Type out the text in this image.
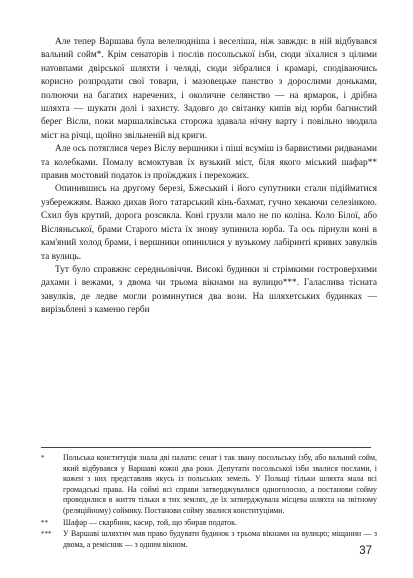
Але тепер Варшава була велелюдніша і веселіша, ніж завжди: в ній відбувався вальний сойм*. Крім сенаторів і послів посольської ізби, сюди зїхалися з цілими натовпами двірської шляхти і челяді, сюди зібралися і крамарі, сподіваючись корисно розпродати свої товари, і мазовецьке панство з дорослими доньками, полюючи на багатих наречених, і околичне селянство — на ярмарок, і дрібна шляхта — шукати долі і захисту. Задовго до світанку кипів від юрби багнистий берег Вісли, поки маршалківська сторожа здавала нічну варту і повільно зводила міст на річці, щойно звільненій від криги.

Але ось потяглися через Віслу вершники і піші всуміш із барвистими ридванами та колебками. Помалу всмоктував їх вузький міст, біля якого міський шафар** правив мостовий податок із проїжджих і перехожих.

Опинившись на другому березі, Бжеський і його супутники стали підійматися узбережжям. Важко дихав його татарський кінь-бахмат, гучно хекаючи селезінкою. Схил був крутий, дорога розсякла. Коні грузли мало не по коліна. Коло Білої, або Вісляньської, брами Старого міста їх знову зупинила юрба. Та ось пірнули коні в кам'яний холод брами, і вершники опинилися у вузькому лабіринті кривих завулків та вулиць.

Тут було справжнє середньовіччя. Високі будинки зі стрімкими гостроверхими дахами і вежами, з двома чи трьома вікнами на вулицю***. Галаслива тісната завулків, де ледве могли розминутися два вози. На шляхетських будинках — вирізьблені з каменю герби

* Польська конституція знала дві палати: сенат і так звану посольську ізбу, або вальний сойм, який відбувався у Варшаві кожні два роки. Депутати посольської ізби звалися послами, і кожен з них представляв якусь із польських земель. У Польщі тільки шляхта мала всі громадські права. На соймі всі справи затверджувалися одноголосно, а постанови сойму проводилися в життя тільки в тих землях, де їх затверджувала місцева шляхта на звітному (реляційному) соймику. Постанови сойму звалися конституціями.
** Шафар — скарбник, касир, той, що збирав податок.
*** У Варшаві шляхтич мав право будувати будинок з трьома вікнами на вулицю; міщанин — з двома, а ремісник — з одним вікном.
37
